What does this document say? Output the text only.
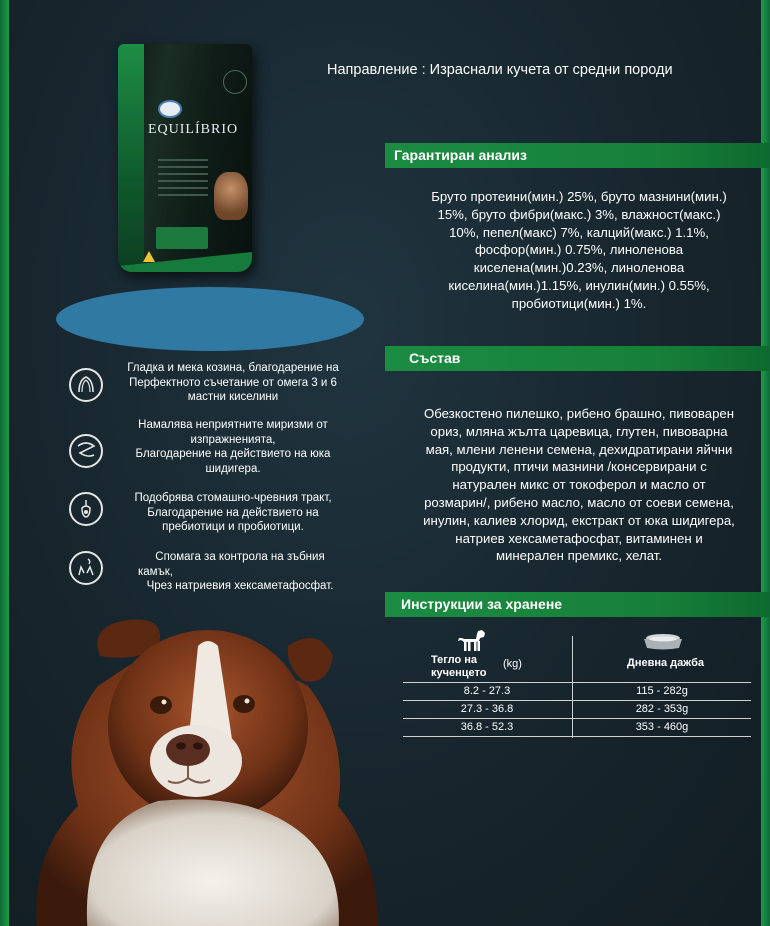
EQUILÍBRIO
Направление : Израснали кучета от средни породи
Гарантиран анализ
Бруто протеини(мин.) 25%, бруто мазнини(мин.)
15%, бруто фибри(макс.) 3%, влажност(макс.)
10%, пепел(макс) 7%, калций(макс.) 1.1%,
фосфор(мин.) 0.75%, линоленова
киселена(мин.)0.23%, линоленова
киселина(мин.)1.15%, инулин(мин.) 0.55%,
пробиотици(мин.) 1%.
Състав
Обезкостено пилешко, рибено брашно, пивоварен
ориз, мляна жълта царевица, глутен, пивоварна
мая, млени ленени семена, дехидратирани яйчни
продукти, птичи мазнини /консервирани с
натурален микс от токоферол и масло от
розмарин/, рибено масло, масло от соеви семена,
инулин, калиев хлорид, екстракт от юка шидигера,
натриев хексаметафосфат, витаминен и
минерален премикс, хелат.
Инструкции за хранене
Тегло на
кученцето
(kg)	Дневна дажба
8.2 - 27.3	115 - 282g
27.3 - 36.8	282 - 353g
36.8 - 52.3	353 - 460g
Гладка и мека козина, благодарение на
Перфектното съчетание от омега 3 и 6
мастни киселини
Намалява неприятните миризми от
изпражненията,
Благодарение на действието на юка
шидигера.
Подобрява стомашно-чревния тракт,
Благодарение на действието на
пребиотици и пробиотици.
Спомага за контрола на зъбния
камък,
Чрез натриевия хексаметафосфат.
